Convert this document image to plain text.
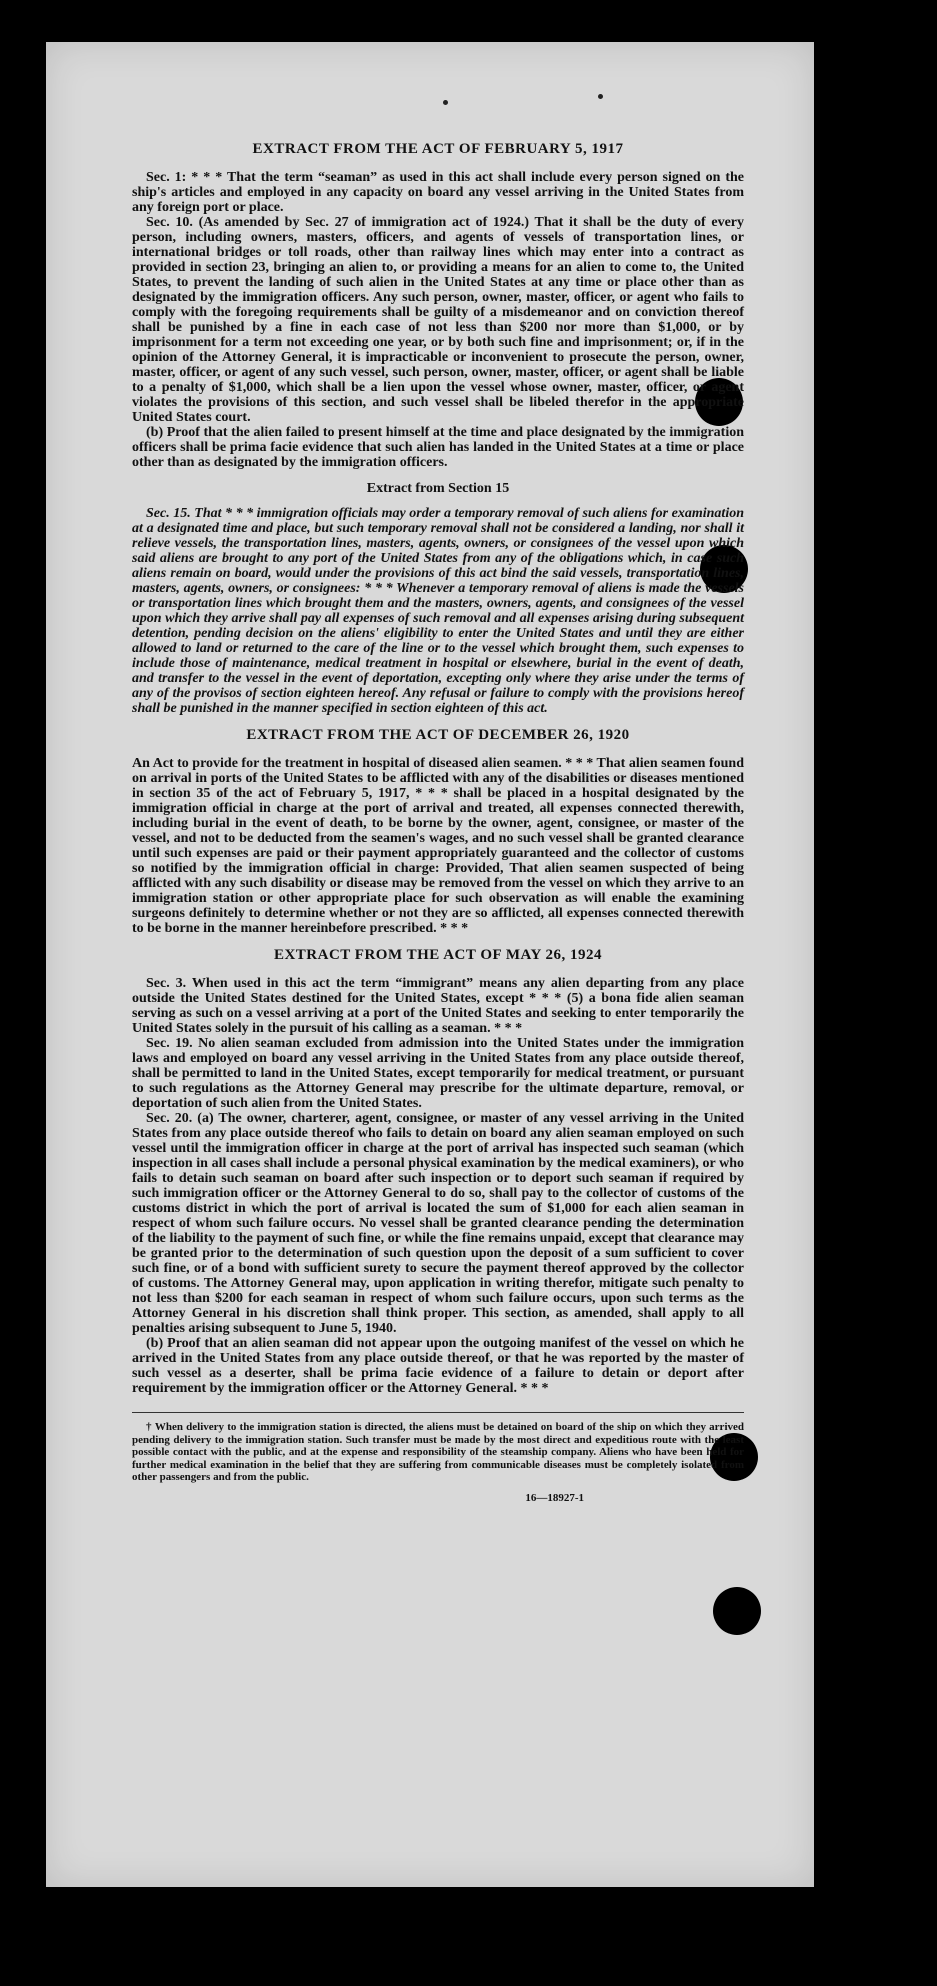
EXTRACT FROM THE ACT OF FEBRUARY 5, 1917

Sec. 1: * * * That the term “seaman” as used in this act shall include every person signed on the ship's articles and employed in any capacity on board any vessel arriving in the United States from any foreign port or place.

Sec. 10. (As amended by Sec. 27 of immigration act of 1924.) That it shall be the duty of every person, including owners, masters, officers, and agents of vessels of transportation lines, or international bridges or toll roads, other than railway lines which may enter into a contract as provided in section 23, bringing an alien to, or providing a means for an alien to come to, the United States, to prevent the landing of such alien in the United States at any time or place other than as designated by the immigration officers. Any such person, owner, master, officer, or agent who fails to comply with the foregoing requirements shall be guilty of a misdemeanor and on conviction thereof shall be punished by a fine in each case of not less than $200 nor more than $1,000, or by imprisonment for a term not exceeding one year, or by both such fine and imprisonment; or, if in the opinion of the Attorney General, it is impracticable or inconvenient to prosecute the person, owner, master, officer, or agent of any such vessel, such person, owner, master, officer, or agent shall be liable to a penalty of $1,000, which shall be a lien upon the vessel whose owner, master, officer, or agent violates the provisions of this section, and such vessel shall be libeled therefor in the appropriate United States court.

(b) Proof that the alien failed to present himself at the time and place designated by the immigration officers shall be prima facie evidence that such alien has landed in the United States at a time or place other than as designated by the immigration officers.

Extract from Section 15

Sec. 15. That * * * immigration officials may order a temporary removal of such aliens for examination at a designated time and place, but such temporary removal shall not be considered a landing, nor shall it relieve vessels, the transportation lines, masters, agents, owners, or consignees of the vessel upon which said aliens are brought to any port of the United States from any of the obligations which, in case such aliens remain on board, would under the provisions of this act bind the said vessels, transportation lines, masters, agents, owners, or consignees: * * * Whenever a temporary removal of aliens is made the vessels or transportation lines which brought them and the masters, owners, agents, and consignees of the vessel upon which they arrive shall pay all expenses of such removal and all expenses arising during subsequent detention, pending decision on the aliens' eligibility to enter the United States and until they are either allowed to land or returned to the care of the line or to the vessel which brought them, such expenses to include those of maintenance, medical treatment in hospital or elsewhere, burial in the event of death, and transfer to the vessel in the event of deportation, excepting only where they arise under the terms of any of the provisos of section eighteen hereof. Any refusal or failure to comply with the provisions hereof shall be punished in the manner specified in section eighteen of this act.

EXTRACT FROM THE ACT OF DECEMBER 26, 1920

An Act to provide for the treatment in hospital of diseased alien seamen. * * * That alien seamen found on arrival in ports of the United States to be afflicted with any of the disabilities or diseases mentioned in section 35 of the act of February 5, 1917, * * * shall be placed in a hospital designated by the immigration official in charge at the port of arrival and treated, all expenses connected therewith, including burial in the event of death, to be borne by the owner, agent, consignee, or master of the vessel, and not to be deducted from the seamen's wages, and no such vessel shall be granted clearance until such expenses are paid or their payment appropriately guaranteed and the collector of customs so notified by the immigration official in charge: Provided, That alien seamen suspected of being afflicted with any such disability or disease may be removed from the vessel on which they arrive to an immigration station or other appropriate place for such observation as will enable the examining surgeons definitely to determine whether or not they are so afflicted, all expenses connected therewith to be borne in the manner hereinbefore prescribed. * * *

EXTRACT FROM THE ACT OF MAY 26, 1924

Sec. 3. When used in this act the term “immigrant” means any alien departing from any place outside the United States destined for the United States, except * * * (5) a bona fide alien seaman serving as such on a vessel arriving at a port of the United States and seeking to enter temporarily the United States solely in the pursuit of his calling as a seaman. * * *

Sec. 19. No alien seaman excluded from admission into the United States under the immigration laws and employed on board any vessel arriving in the United States from any place outside thereof, shall be permitted to land in the United States, except temporarily for medical treatment, or pursuant to such regulations as the Attorney General may prescribe for the ultimate departure, removal, or deportation of such alien from the United States.

Sec. 20. (a) The owner, charterer, agent, consignee, or master of any vessel arriving in the United States from any place outside thereof who fails to detain on board any alien seaman employed on such vessel until the immigration officer in charge at the port of arrival has inspected such seaman (which inspection in all cases shall include a personal physical examination by the medical examiners), or who fails to detain such seaman on board after such inspection or to deport such seaman if required by such immigration officer or the Attorney General to do so, shall pay to the collector of customs of the customs district in which the port of arrival is located the sum of $1,000 for each alien seaman in respect of whom such failure occurs. No vessel shall be granted clearance pending the determination of the liability to the payment of such fine, or while the fine remains unpaid, except that clearance may be granted prior to the determination of such question upon the deposit of a sum sufficient to cover such fine, or of a bond with sufficient surety to secure the payment thereof approved by the collector of customs. The Attorney General may, upon application in writing therefor, mitigate such penalty to not less than $200 for each seaman in respect of whom such failure occurs, upon such terms as the Attorney General in his discretion shall think proper. This section, as amended, shall apply to all penalties arising subsequent to June 5, 1940.

(b) Proof that an alien seaman did not appear upon the outgoing manifest of the vessel on which he arrived in the United States from any place outside thereof, or that he was reported by the master of such vessel as a deserter, shall be prima facie evidence of a failure to detain or deport after requirement by the immigration officer or the Attorney General. * * *

† When delivery to the immigration station is directed, the aliens must be detained on board of the ship on which they arrived pending delivery to the immigration station. Such transfer must be made by the most direct and expeditious route with the least possible contact with the public, and at the expense and responsibility of the steamship company. Aliens who have been held for further medical examination in the belief that they are suffering from communicable diseases must be completely isolated from other passengers and from the public.

16—18927-1
